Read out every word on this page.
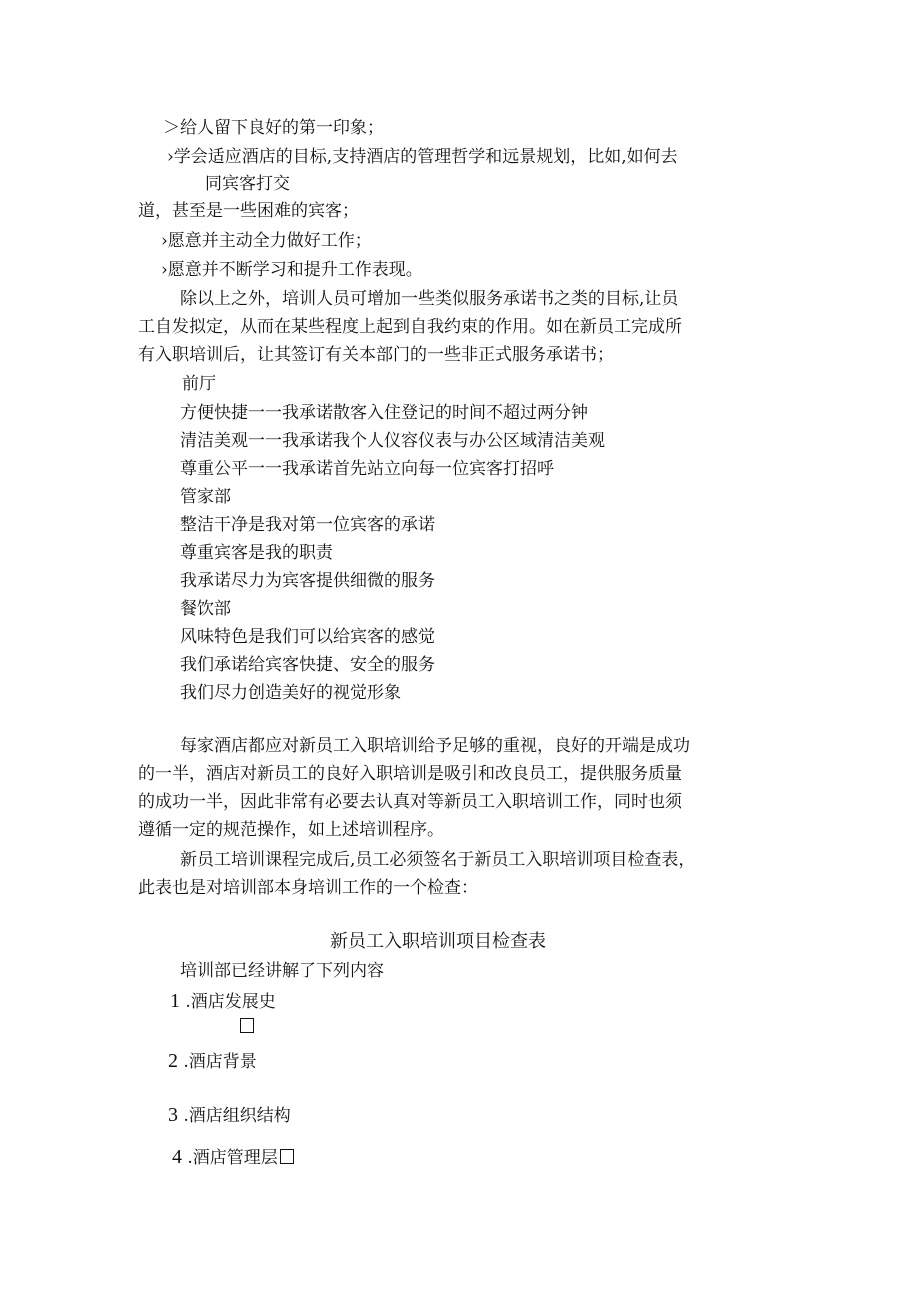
＞给人留下良好的第一印象；
›学会适应酒店的目标,支持酒店的管理哲学和远景规划，比如,如何去
同宾客打交
道，甚至是一些困难的宾客；
›愿意并主动全力做好工作；
›愿意并不断学习和提升工作表现。
除以上之外，培训人员可增加一些类似服务承诺书之类的目标,让员
工自发拟定，从而在某些程度上起到自我约束的作用。如在新员工完成所
有入职培训后，让其签订有关本部门的一些非正式服务承诺书；
前厅
方便快捷一一我承诺散客入住登记的时间不超过两分钟
清洁美观一一我承诺我个人仪容仪表与办公区域清洁美观
尊重公平一一我承诺首先站立向每一位宾客打招呼
管家部
整洁干净是我对第一位宾客的承诺
尊重宾客是我的职责
我承诺尽力为宾客提供细微的服务
餐饮部
风味特色是我们可以给宾客的感觉
我们承诺给宾客快捷、安全的服务
我们尽力创造美好的视觉形象
每家酒店都应对新员工入职培训给予足够的重视，良好的开端是成功
的一半，酒店对新员工的良好入职培训是吸引和改良员工，提供服务质量
的成功一半，因此非常有必要去认真对等新员工入职培训工作，同时也须
遵循一定的规范操作，如上述培训程序。
新员工培训课程完成后,员工必须签名于新员工入职培训项目检查表，
此表也是对培训部本身培训工作的一个检查：
新员工入职培训项目检查表
培训部已经讲解了下列内容
1 .酒店发展史
2 .酒店背景
3 .酒店组织结构
4 .酒店管理层
